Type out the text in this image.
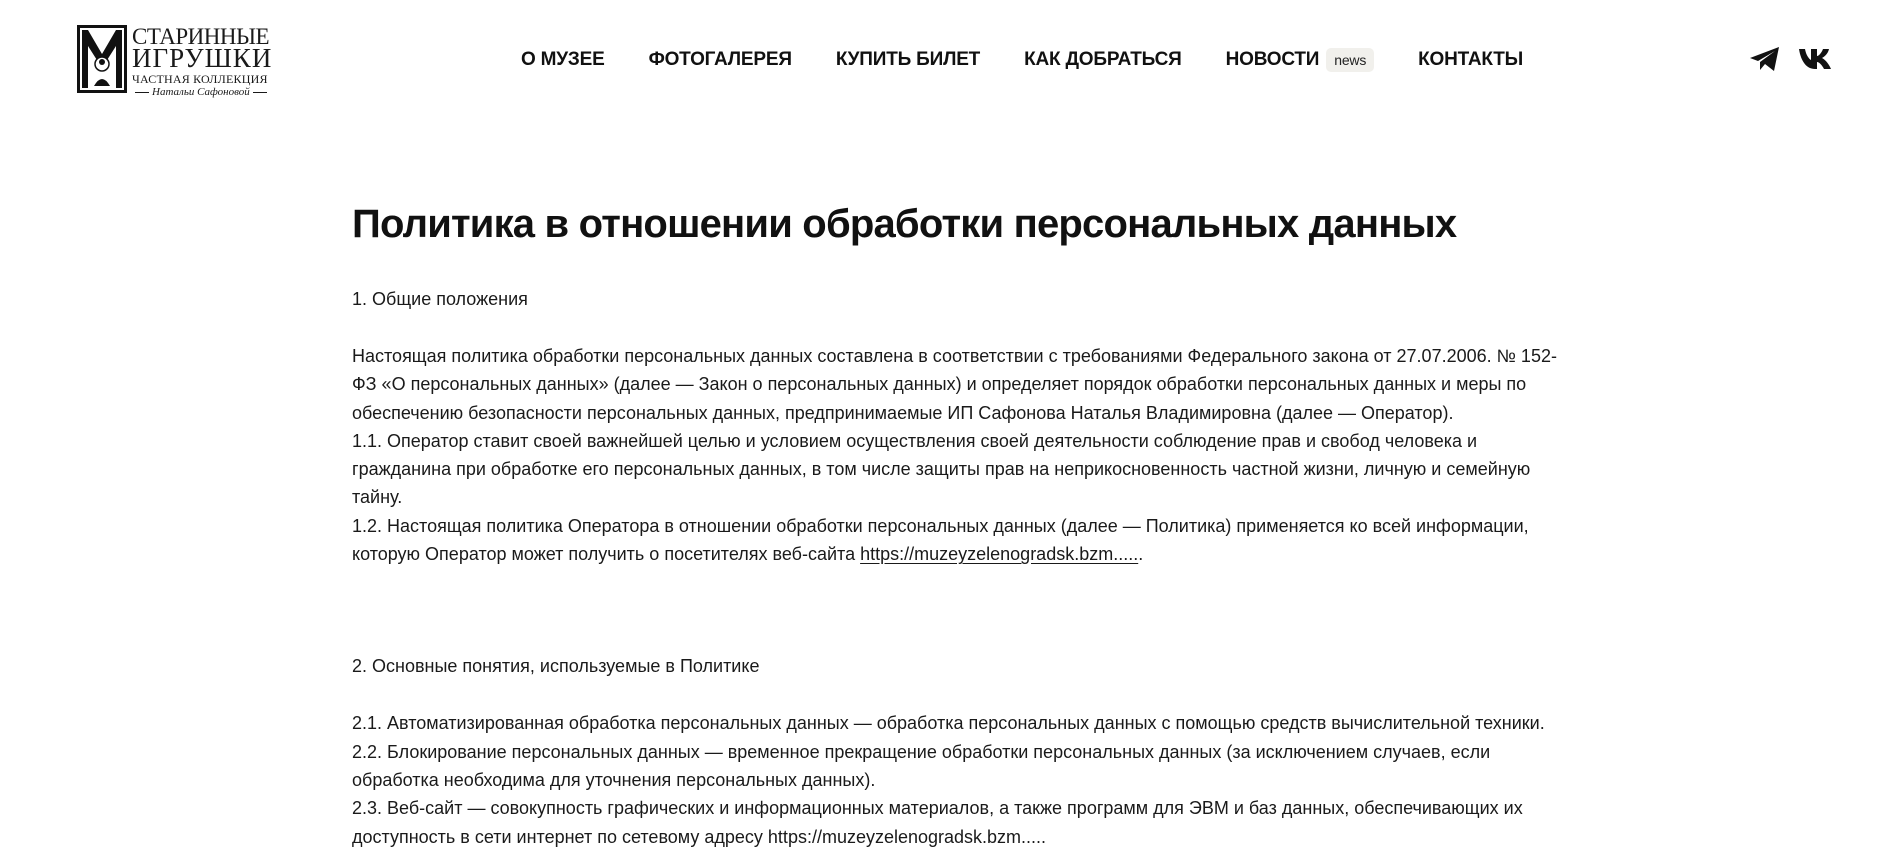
СТАРИННЫЕ
ИГРУШКИ
ЧАСТНАЯ КОЛЛЕКЦИЯ
Натальи Сафоновой
О МУЗЕЕ ФОТОГАЛЕРЕЯ КУПИТЬ БИЛЕТ КАК ДОБРАТЬСЯ НОВОСТИ	news	КОНТАКТЫ
Политика в отношении обработки персональных данных
1. Общие положения

Настоящая политика обработки персональных данных составлена в соответствии с требованиями Федерального закона от 27.07.2006. № 152-ФЗ «О персональных данных» (далее — Закон о персональных данных) и определяет порядок обработки персональных данных и меры по обеспечению безопасности персональных данных, предпринимаемые ИП Сафонова Наталья Владимировна (далее — Оператор).

1.1. Оператор ставит своей важнейшей целью и условием осуществления своей деятельности соблюдение прав и свобод человека и гражданина при обработке его персональных данных, в том числе защиты прав на неприкосновенность частной жизни, личную и семейную тайну.

1.2. Настоящая политика Оператора в отношении обработки персональных данных (далее — Политика) применяется ко всей информации, которую Оператор может получить о посетителях веб-сайта https://muzeyzelenogradsk.bzm......

2. Основные понятия, используемые в Политике

2.1. Автоматизированная обработка персональных данных — обработка персональных данных с помощью средств вычислительной техники.

2.2. Блокирование персональных данных — временное прекращение обработки персональных данных (за исключением случаев, если обработка необходима для уточнения персональных данных).

2.3. Веб-сайт — совокупность графических и информационных материалов, а также программ для ЭВМ и баз данных, обеспечивающих их доступность в сети интернет по сетевому адресу https://muzeyzelenogradsk.bzm.....
